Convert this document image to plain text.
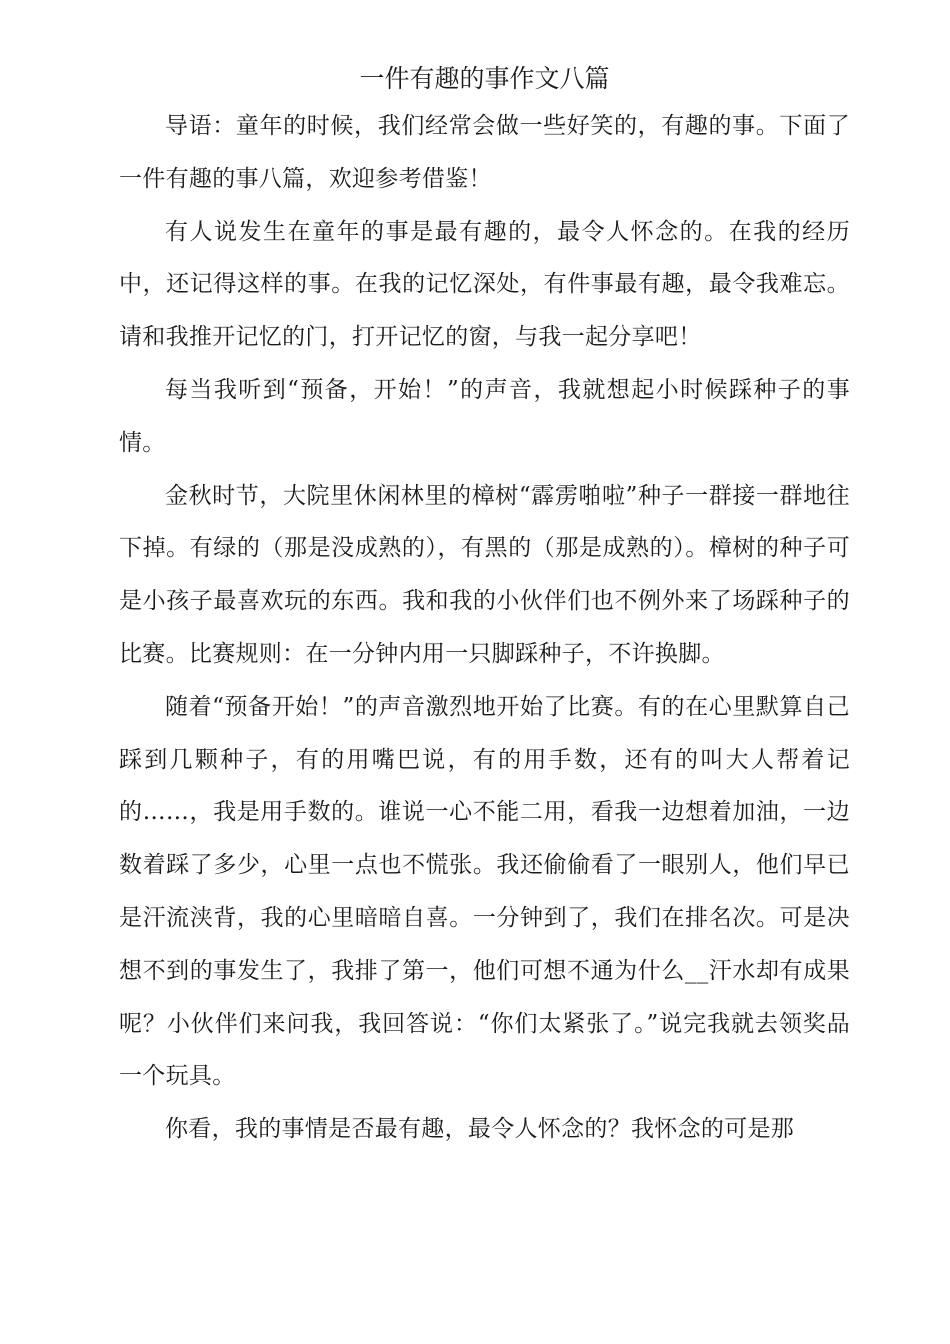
一件有趣的事作文八篇

导语：童年的时候，我们经常会做一些好笑的，有趣的事。下面了一件有趣的事八篇，欢迎参考借鉴！

有人说发生在童年的事是最有趣的，最令人怀念的。在我的经历中，还记得这样的事。在我的记忆深处，有件事最有趣，最令我难忘。请和我推开记忆的门，打开记忆的窗，与我一起分享吧！

每当我听到“预备，开始！”的声音，我就想起小时候踩种子的事情。

金秋时节，大院里休闲林里的樟树“霹雳啪啦”种子一群接一群地往下掉。有绿的（那是没成熟的），有黑的（那是成熟的）。樟树的种子可是小孩子最喜欢玩的东西。我和我的小伙伴们也不例外来了场踩种子的比赛。比赛规则：在一分钟内用一只脚踩种子，不许换脚。

随着“预备开始！”的声音激烈地开始了比赛。有的在心里默算自己踩到几颗种子，有的用嘴巴说，有的用手数，还有的叫大人帮着记的……，我是用手数的。谁说一心不能二用，看我一边想着加油，一边数着踩了多少，心里一点也不慌张。我还偷偷看了一眼别人，他们早已是汗流浃背，我的心里暗暗自喜。一分钟到了，我们在排名次。可是决想不到的事发生了，我排了第一，他们可想不通为什么__汗水却有成果呢？小伙伴们来问我，我回答说：“你们太紧张了。”说完我就去领奖品一个玩具。

你看，我的事情是否最有趣，最令人怀念的？我怀念的可是那
